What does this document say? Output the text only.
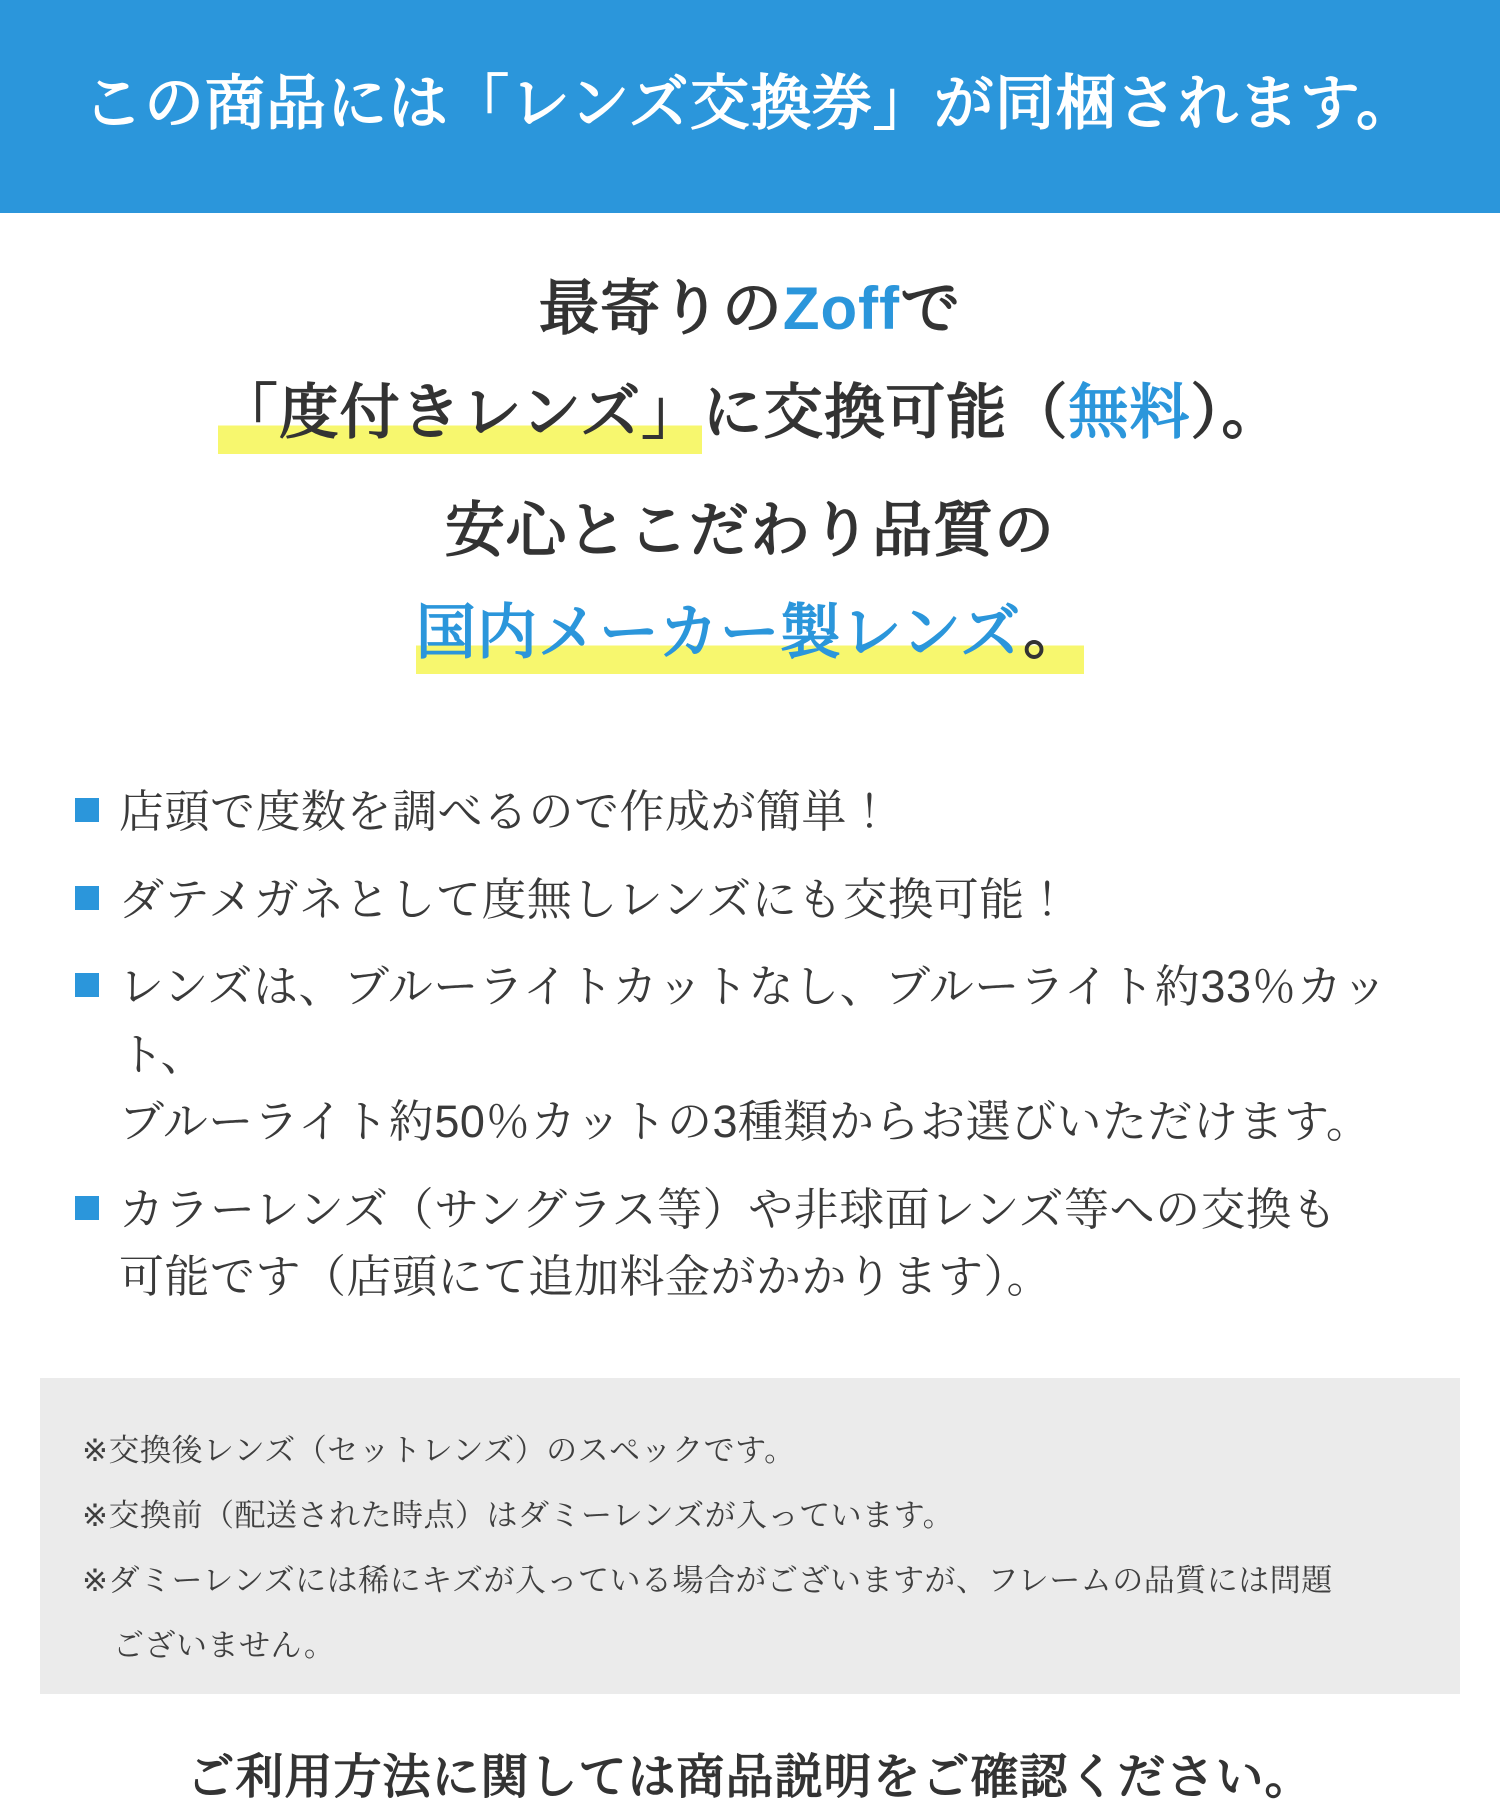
この商品には「レンズ交換券」が同梱されます。
最寄りのZoffで
「度付きレンズ」に交換可能（無料）。
安心とこだわり品質の
国内メーカー製レンズ。
店頭で度数を調べるので作成が簡単！
ダテメガネとして度無しレンズにも交換可能！
レンズは、ブルーライトカットなし、ブルーライト約33％カット、
ブルーライト約50％カットの3種類からお選びいただけます。
カラーレンズ（サングラス等）や非球面レンズ等への交換も
可能です（店頭にて追加料金がかかります）。
※交換後レンズ（セットレンズ）のスペックです。
※交換前（配送された時点）はダミーレンズが入っています。
※ダミーレンズには稀にキズが入っている場合がございますが、フレームの品質には問題
ございません。
ご利用方法に関しては商品説明をご確認ください。
